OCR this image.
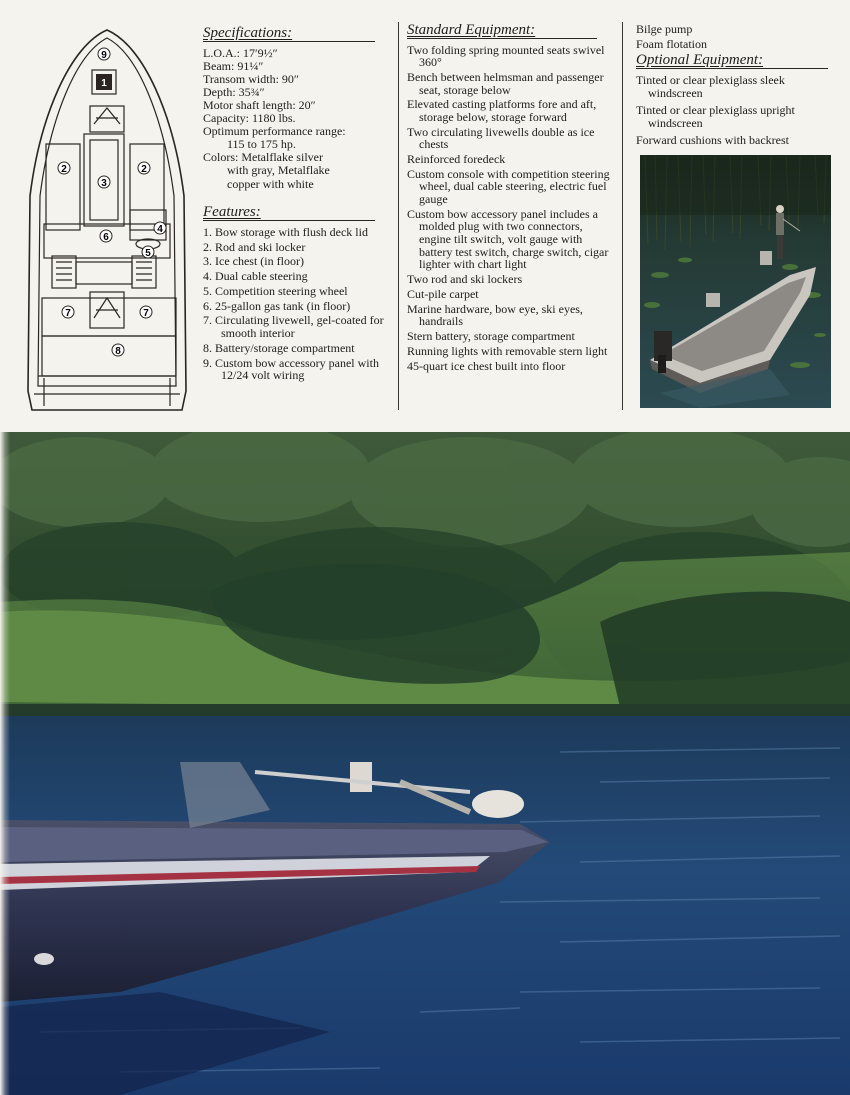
9
1
2	2
3
4
5
6
7	7
8
Specifications:
L.O.A.: 17′9½″
Beam: 91¼″
Transom width: 90″
Depth: 35¾″
Motor shaft length: 20″
Capacity: 1180 lbs.
Optimum performance range:
115 to 175 hp.
Colors: Metalflake silver
with gray, Metalflake
copper with white
Features:
1. Bow storage with flush deck lid
2. Rod and ski locker
3. Ice chest (in floor)
4. Dual cable steering
5. Competition steering wheel
6. 25-gallon gas tank (in floor)
7. Circulating livewell, gel-coated for smooth interior
8. Battery/storage compartment
9. Custom bow accessory panel with 12/24 volt wiring
Standard Equipment:
Two folding spring mounted seats swivel 360°
Bench between helmsman and passenger seat, storage below
Elevated casting platforms fore and aft, storage below, storage forward
Two circulating livewells double as ice chests
Reinforced foredeck
Custom console with competition steering wheel, dual cable steering, electric fuel gauge
Custom bow accessory panel includes a molded plug with two connectors, engine tilt switch, volt gauge with battery test switch, charge switch, cigar lighter with chart light
Two rod and ski lockers
Cut-pile carpet
Marine hardware, bow eye, ski eyes, handrails
Stern battery, storage compartment
Running lights with removable stern light
45-quart ice chest built into floor
Bilge pump
Foam flotation
Optional Equipment:
Tinted or clear plexiglass sleek windscreen
Tinted or clear plexiglass upright windscreen
Forward cushions with backrest
